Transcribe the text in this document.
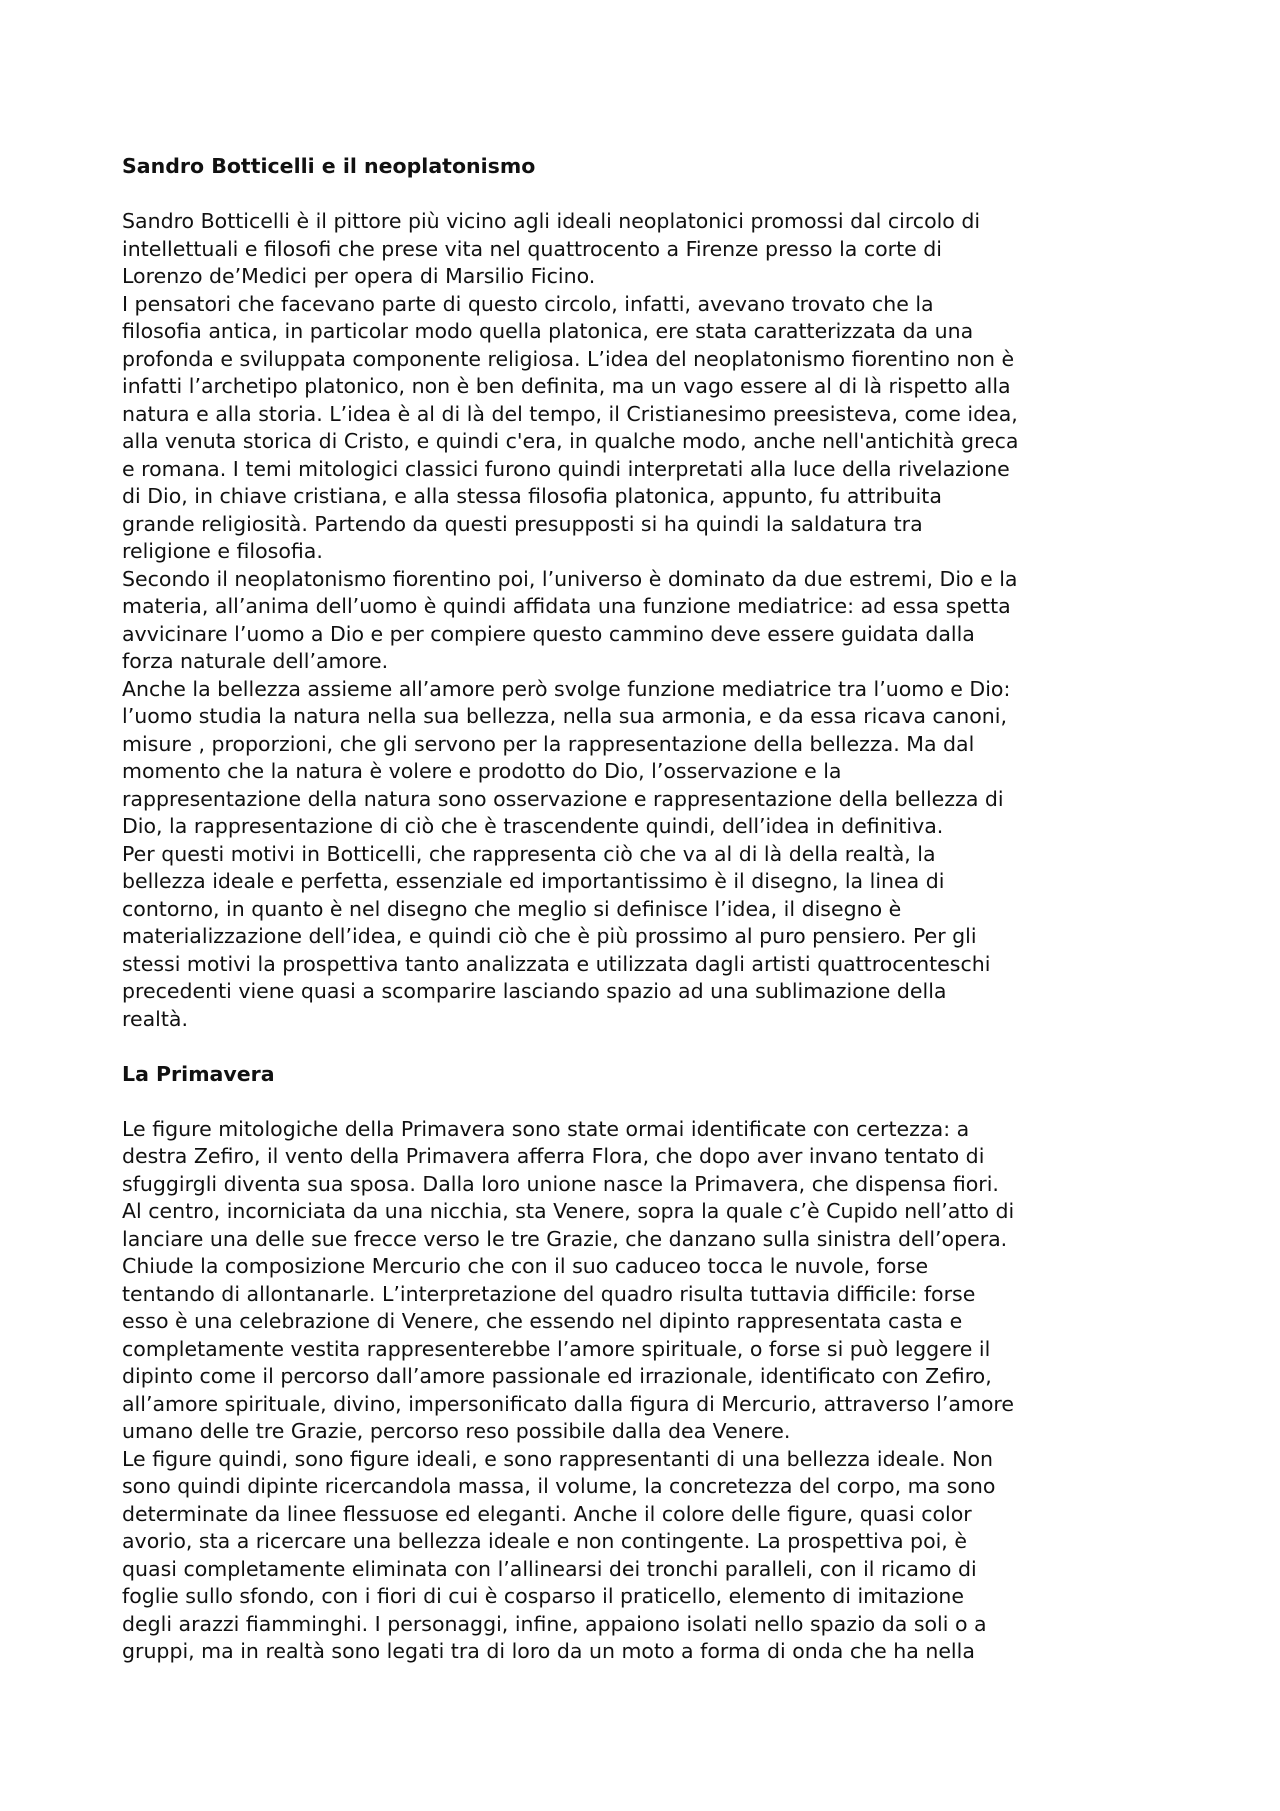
Sandro Botticelli e il neoplatonismo
Sandro Botticelli è il pittore più vicino agli ideali neoplatonici promossi dal circolo di
intellettuali e filosofi che prese vita nel quattrocento a Firenze presso la corte di
Lorenzo de’Medici per opera di Marsilio Ficino.
I pensatori che facevano parte di questo circolo, infatti, avevano trovato che la
filosofia antica, in particolar modo quella platonica, ere stata caratterizzata da una
profonda e sviluppata componente religiosa. L’idea del neoplatonismo fiorentino non è
infatti l’archetipo platonico, non è ben definita, ma un vago essere al di là rispetto alla
natura e alla storia. L’idea è al di là del tempo, il Cristianesimo preesisteva, come idea,
alla venuta storica di Cristo, e quindi c'era, in qualche modo, anche nell'antichità greca
e romana. I temi mitologici classici furono quindi interpretati alla luce della rivelazione
di Dio, in chiave cristiana, e alla stessa filosofia platonica, appunto, fu attribuita
grande religiosità. Partendo da questi presupposti si ha quindi la saldatura tra
religione e filosofia.
Secondo il neoplatonismo fiorentino poi, l’universo è dominato da due estremi, Dio e la
materia, all’anima dell’uomo è quindi affidata una funzione mediatrice: ad essa spetta
avvicinare l’uomo a Dio e per compiere questo cammino deve essere guidata dalla
forza naturale dell’amore.
Anche la bellezza assieme all’amore però svolge funzione mediatrice tra l’uomo e Dio:
l’uomo studia la natura nella sua bellezza, nella sua armonia, e da essa ricava canoni,
misure , proporzioni, che gli servono per la rappresentazione della bellezza. Ma dal
momento che la natura è volere e prodotto do Dio, l’osservazione e la
rappresentazione della natura sono osservazione e rappresentazione della bellezza di
Dio, la rappresentazione di ciò che è trascendente quindi, dell’idea in definitiva.
Per questi motivi in Botticelli, che rappresenta ciò che va al di là della realtà, la
bellezza ideale e perfetta, essenziale ed importantissimo è il disegno, la linea di
contorno, in quanto è nel disegno che meglio si definisce l’idea, il disegno è
materializzazione dell’idea, e quindi ciò che è più prossimo al puro pensiero. Per gli
stessi motivi la prospettiva tanto analizzata e utilizzata dagli artisti quattrocenteschi
precedenti viene quasi a scomparire lasciando spazio ad una sublimazione della
realtà.
La Primavera
Le figure mitologiche della Primavera sono state ormai identificate con certezza: a
destra Zefiro, il vento della Primavera afferra Flora, che dopo aver invano tentato di
sfuggirgli diventa sua sposa. Dalla loro unione nasce la Primavera, che dispensa fiori.
Al centro, incorniciata da una nicchia, sta Venere, sopra la quale c’è Cupido nell’atto di
lanciare una delle sue frecce verso le tre Grazie, che danzano sulla sinistra dell’opera.
Chiude la composizione Mercurio che con il suo caduceo tocca le nuvole, forse
tentando di allontanarle. L’interpretazione del quadro risulta tuttavia difficile: forse
esso è una celebrazione di Venere, che essendo nel dipinto rappresentata casta e
completamente vestita rappresenterebbe l’amore spirituale, o forse si può leggere il
dipinto come il percorso dall’amore passionale ed irrazionale, identificato con Zefiro,
all’amore spirituale, divino, impersonificato dalla figura di Mercurio, attraverso l’amore
umano delle tre Grazie, percorso reso possibile dalla dea Venere.
Le figure quindi, sono figure ideali, e sono rappresentanti di una bellezza ideale. Non
sono quindi dipinte ricercandola massa, il volume, la concretezza del corpo, ma sono
determinate da linee flessuose ed eleganti. Anche il colore delle figure, quasi color
avorio, sta a ricercare una bellezza ideale e non contingente. La prospettiva poi, è
quasi completamente eliminata con l’allinearsi dei tronchi paralleli, con il ricamo di
foglie sullo sfondo, con i fiori di cui è cosparso il praticello, elemento di imitazione
degli arazzi fiamminghi. I personaggi, infine, appaiono isolati nello spazio da soli o a
gruppi, ma in realtà sono legati tra di loro da un moto a forma di onda che ha nella
